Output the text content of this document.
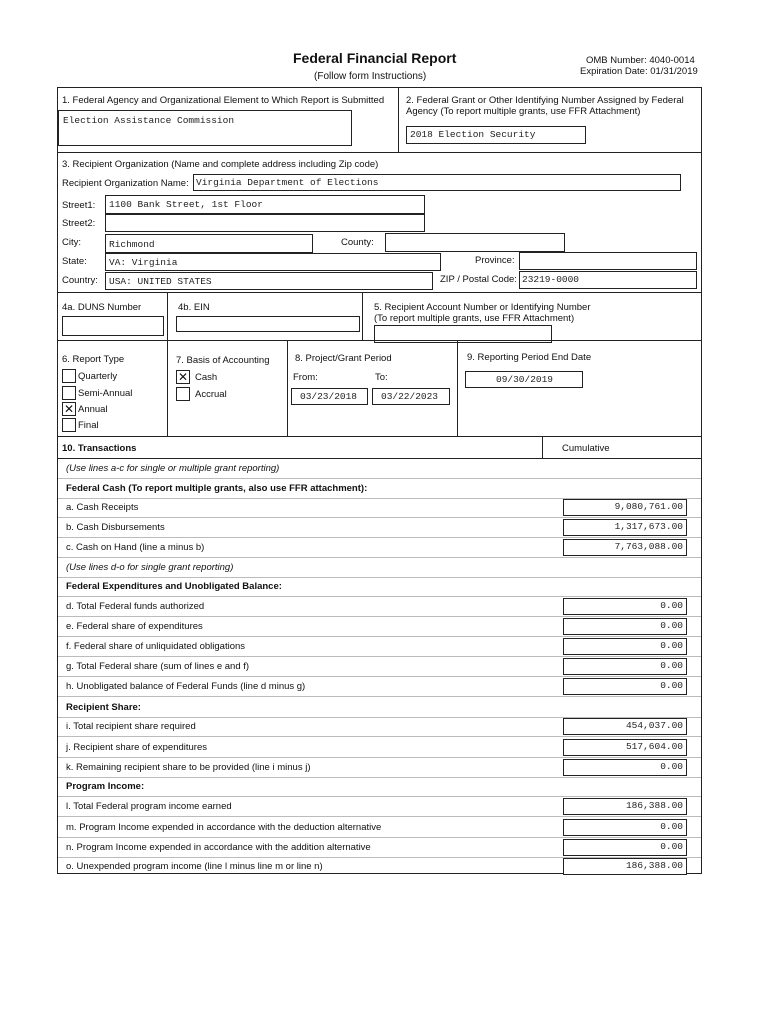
Federal Financial Report
(Follow form Instructions)
OMB Number: 4040-0014
Expiration Date: 01/31/2019
1. Federal Agency and Organizational Element to Which Report is Submitted
Election Assistance Commission
2. Federal Grant or Other Identifying Number Assigned by Federal
Agency (To report multiple grants, use FFR Attachment)
2018 Election Security
3. Recipient Organization (Name and complete address including Zip code)
Recipient Organization Name: Virginia Department of Elections
Street1: 1100 Bank Street, 1st Floor
Street2:
City:	Richmond	County:
State: VA: Virginia	Province:
Country: USA: UNITED STATES	ZIP / Postal Code: 23219-0000
4a. DUNS Number	4b. EIN	5. Recipient Account Number or Identifying Number
(To report multiple grants, use FFR Attachment)
6. Report Type
Quarterly
Semi-Annual
✕ Annual
Final
7. Basis of Accounting
✕ Cash
Accrual
8. Project/Grant Period
From:	To:
03/23/2018	03/22/2023
9. Reporting Period End Date
09/30/2019
10. Transactions	Cumulative
(Use lines a-c for single or multiple grant reporting)
Federal Cash (To report multiple grants, also use FFR attachment):
a. Cash Receipts	9,080,761.00
b. Cash Disbursements	1,317,673.00
c. Cash on Hand (line a minus b)	7,763,088.00
(Use lines d-o for single grant reporting)
Federal Expenditures and Unobligated Balance:
d. Total Federal funds authorized	0.00
e. Federal share of expenditures	0.00
f. Federal share of unliquidated obligations	0.00
g. Total Federal share (sum of lines e and f)	0.00
h. Unobligated balance of Federal Funds (line d minus g)	0.00
Recipient Share:
i. Total recipient share required	454,037.00
j. Recipient share of expenditures	517,604.00
k. Remaining recipient share to be provided (line i minus j)	0.00
Program Income:
l. Total Federal program income earned	186,388.00
m. Program Income expended in accordance with the deduction alternative	0.00
n. Program Income expended in accordance with the addition alternative	0.00
o. Unexpended program income (line l minus line m or line n)	186,388.00
